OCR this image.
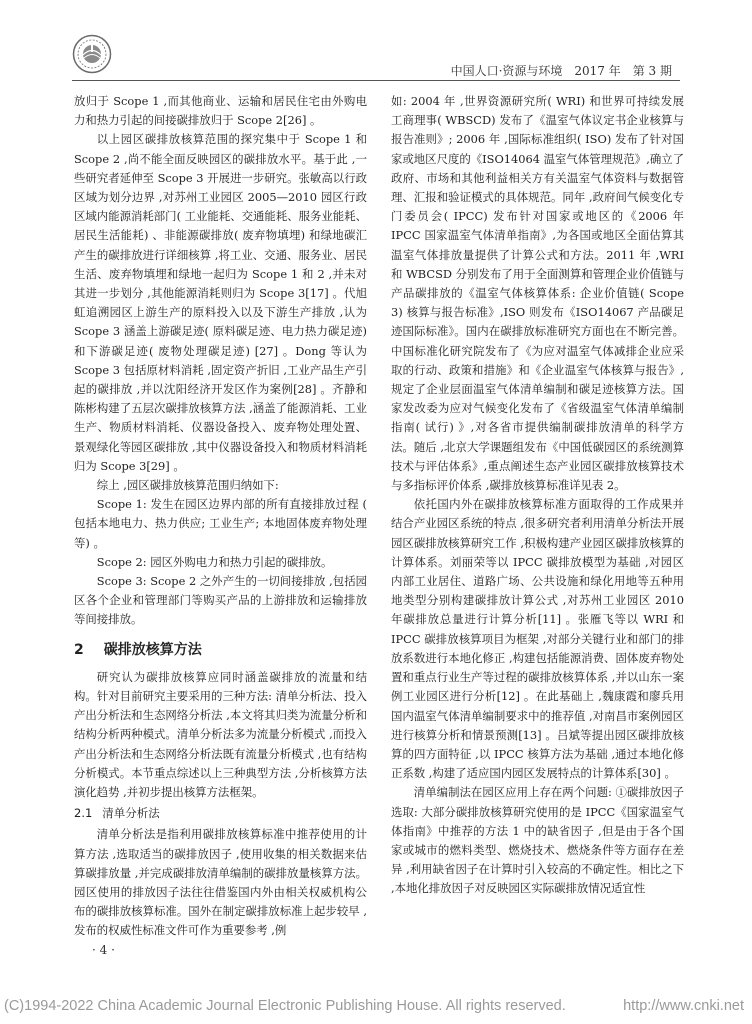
中国人口·资源与环境　2017 年　第 3 期

放归于 Scope 1 ,而其他商业、运输和居民住宅由外购电力和热力引起的间接碳排放归于 Scope 2[26] 。

以上园区碳排放核算范围的探究集中于 Scope 1 和 Scope 2 ,尚不能全面反映园区的碳排放水平。基于此 ,一些研究者延伸至 Scope 3 开展进一步研究。张敏高以行政区域为划分边界 ,对苏州工业园区 2005—2010 园区行政区域内能源消耗部门( 工业能耗、交通能耗、服务业能耗、居民生活能耗) 、非能源碳排放( 废弃物填埋) 和绿地碳汇产生的碳排放进行详细核算 ,将工业、交通、服务业、居民生活、废弃物填埋和绿地一起归为 Scope 1 和 2 ,并未对其进一步划分 ,其他能源消耗则归为 Scope 3[17] 。代旭虹追溯园区上游生产的原料投入以及下游生产排放 ,认为 Scope 3 涵盖上游碳足迹( 原料碳足迹、电力热力碳足迹) 和下游碳足迹( 废物处理碳足迹) [27] 。Dong 等认为 Scope 3 包括原材料消耗 ,固定资产折旧 ,工业产品生产引起的碳排放 ,并以沈阳经济开发区作为案例[28] 。齐静和陈彬构建了五层次碳排放核算方法 ,涵盖了能源消耗、工业生产、物质材料消耗、仪器设备投入、废弃物处理处置、景观绿化等园区碳排放 ,其中仪器设备投入和物质材料消耗归为 Scope 3[29] 。

综上 ,园区碳排放核算范围归纳如下:

Scope 1: 发生在园区边界内部的所有直接排放过程 ( 包括本地电力、热力供应; 工业生产; 本地固体废弃物处理等) 。

Scope 2: 园区外购电力和热力引起的碳排放。

Scope 3: Scope 2 之外产生的一切间接排放 ,包括园区各个企业和管理部门等购买产品的上游排放和运输排放等间接排放。

2 碳排放核算方法

研究认为碳排放核算应同时涵盖碳排放的流量和结构。针对目前研究主要采用的三种方法: 清单分析法、投入产出分析法和生态网络分析法 ,本文将其归类为流量分析和结构分析两种模式。清单分析法多为流量分析模式 ,而投入产出分析法和生态网络分析法既有流量分析模式 ,也有结构分析模式。本节重点综述以上三种典型方法 ,分析核算方法演化趋势 ,并初步提出核算方法框架。

2.1 清单分析法

清单分析法是指利用碳排放核算标准中推荐使用的计算方法 ,选取适当的碳排放因子 ,使用收集的相关数据来估算碳排放量 ,并完成碳排放清单编制的碳排放量核算方法。园区使用的排放因子法往往借鉴国内外由相关权威机构公布的碳排放核算标准。国外在制定碳排放标准上起步较早 ,发布的权威性标准文件可作为重要参考 ,例

如: 2004 年 ,世界资源研究所( WRI) 和世界可持续发展工商理事( WBSCD) 发布了《温室气体议定书企业核算与报告准则》; 2006 年 ,国际标准组织( ISO) 发布了针对国家或地区尺度的《ISO14064 温室气体管理规范》,确立了政府、市场和其他利益相关方有关温室气体资料与数据管理、汇报和验证模式的具体规范。同年 ,政府间气候变化专门委员会( IPCC) 发布针对国家或地区的《2006 年 IPCC 国家温室气体清单指南》,为各国或地区全面估算其温室气体排放量提供了计算公式和方法。2011 年 ,WRI 和 WBCSD 分别发布了用于全面测算和管理企业价值链与产品碳排放的《温室气体核算体系: 企业价值链( Scope 3) 核算与报告标准》,ISO 则发布《ISO14067 产品碳足迹国际标准》。国内在碳排放标准研究方面也在不断完善。中国标准化研究院发布了《为应对温室气体减排企业应采取的行动、政策和措施》和《企业温室气体核算与报告》,规定了企业层面温室气体清单编制和碳足迹核算方法。国家发改委为应对气候变化发布了《省级温室气体清单编制指南( 试行) 》,对各省市提供编制碳排放清单的科学方法。随后 ,北京大学课题组发布《中国低碳园区的系统测算技术与评估体系》,重点阐述生态产业园区碳排放核算技术与多指标评价体系 ,碳排放核算标准详见表 2。

依托国内外在碳排放核算标准方面取得的工作成果并结合产业园区系统的特点 ,很多研究者利用清单分析法开展园区碳排放核算研究工作 ,积极构建产业园区碳排放核算的计算体系。刘丽荣等以 IPCC 碳排放模型为基础 ,对园区内部工业居住、道路广场、公共设施和绿化用地等五种用地类型分别构建碳排放计算公式 ,对苏州工业园区 2010 年碳排放总量进行计算分析[11] 。张雁飞等以 WRI 和 IPCC 碳排放核算项目为框架 ,对部分关键行业和部门的排放系数进行本地化修正 ,构建包括能源消费、固体废弃物处置和重点行业生产等过程的碳排放核算体系 ,并以山东一案例工业园区进行分析[12] 。在此基础上 ,魏康霞和廖兵用国内温室气体清单编制要求中的推荐值 ,对南昌市案例园区进行核算分析和情景预测[13] 。吕斌等提出园区碳排放核算的四方面特征 ,以 IPCC 核算方法为基础 ,通过本地化修正系数 ,构建了适应国内园区发展特点的计算体系[30] 。

清单编制法在园区应用上存在两个问题: ①碳排放因子选取: 大部分碳排放核算研究使用的是 IPCC《国家温室气体指南》中推荐的方法 1 中的缺省因子 ,但是由于各个国家或城市的燃料类型、燃烧技术、燃烧条件等方面存在差异 ,利用缺省因子在计算时引入较高的不确定性。相比之下 ,本地化排放因子对反映园区实际碳排放情况适宜性

· 4 ·
(C)1994-2022 China Academic Journal Electronic Publishing House. All rights reserved.	http://www.cnki.net
